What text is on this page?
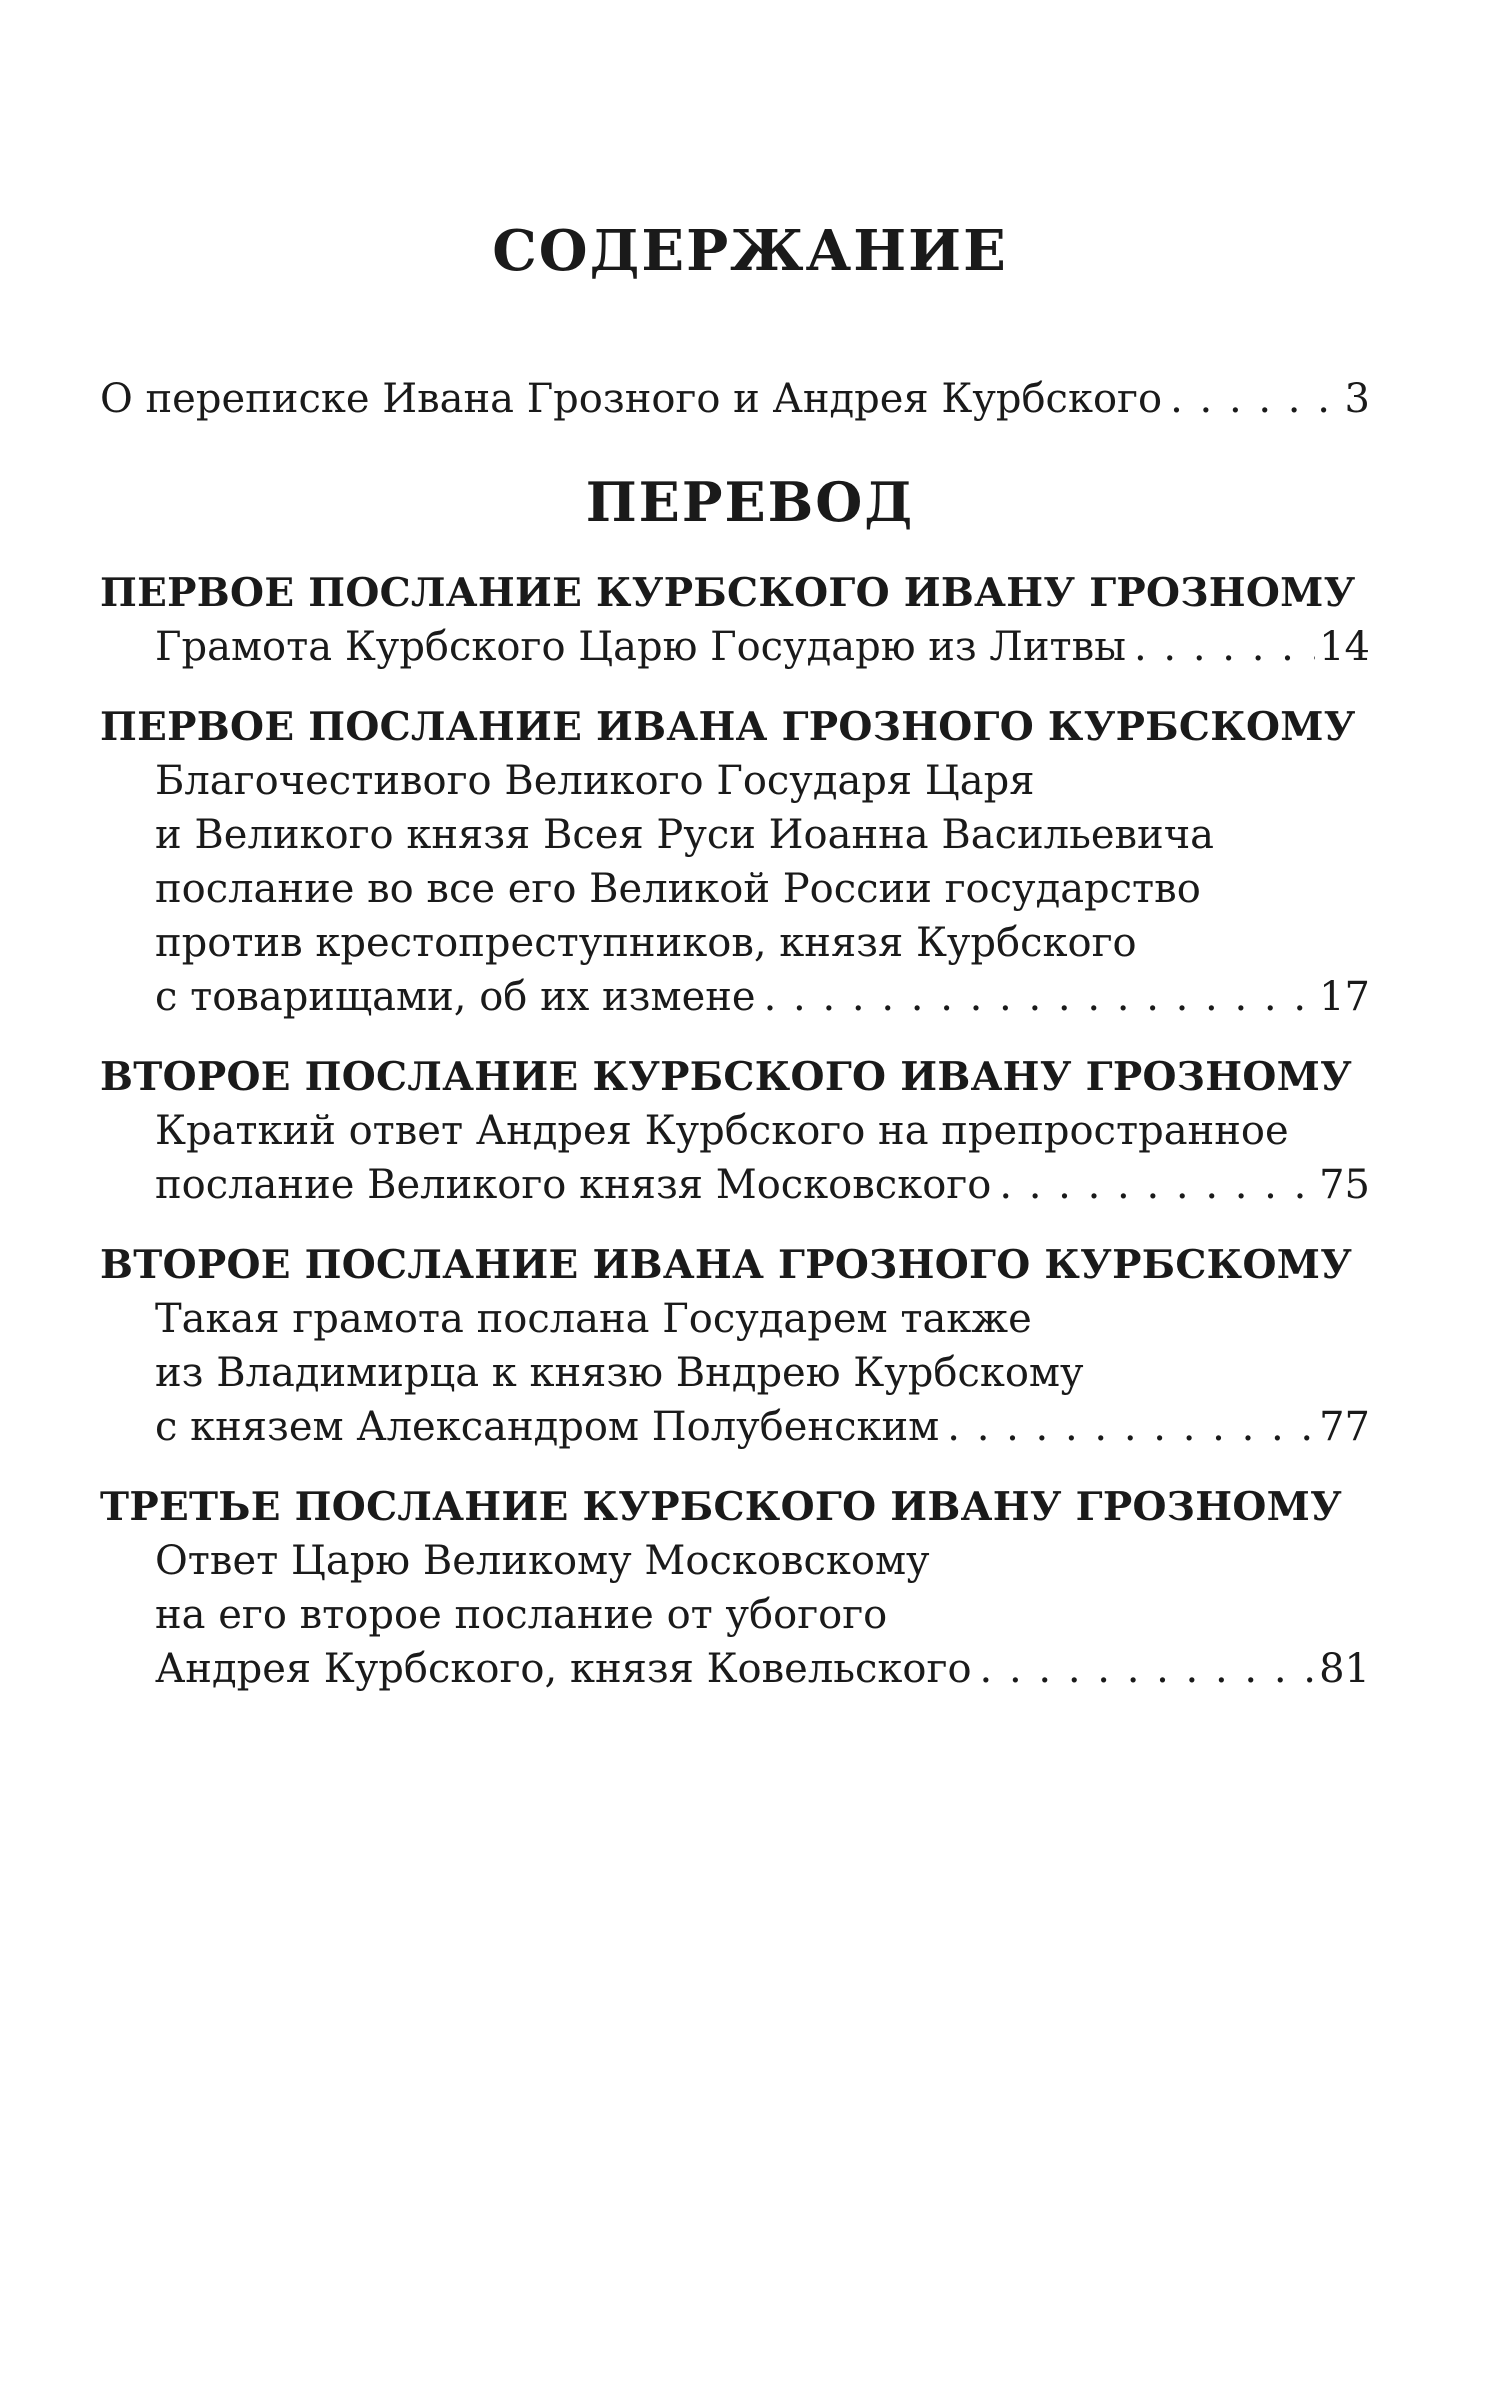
СОДЕРЖАНИЕ
О переписке Ивана Грозного и Андрея Курбского . . .	3
ПЕРЕВОД
ПЕРВОЕ ПОСЛАНИЕ КУРБСКОГО ИВАНУ ГРОЗНОМУ
Грамота Курбского Царю Государю из Литвы . . .	14
ПЕРВОЕ ПОСЛАНИЕ ИВАНА ГРОЗНОГО КУРБСКОМУ
Благочестивого Великого Государя Царя
и Великого князя Всея Руси Иоанна Васильевича
послание во все его Великой России государство
против крестопреступников, князя Курбского
с товарищами, об их измене . . .	17
ВТОРОЕ ПОСЛАНИЕ КУРБСКОГО ИВАНУ ГРОЗНОМУ
Краткий ответ Андрея Курбского на препространное
послание Великого князя Московского . . .	75
ВТОРОЕ ПОСЛАНИЕ ИВАНА ГРОЗНОГО КУРБСКОМУ
Такая грамота послана Государем также
из Владимирца к князю Вндрею Курбскому
с князем Александром Полубенским . . .	77
ТРЕТЬЕ ПОСЛАНИЕ КУРБСКОГО ИВАНУ ГРОЗНОМУ
Ответ Царю Великому Московскому
на его второе послание от убогого
Андрея Курбского, князя Ковельского . . .	81
